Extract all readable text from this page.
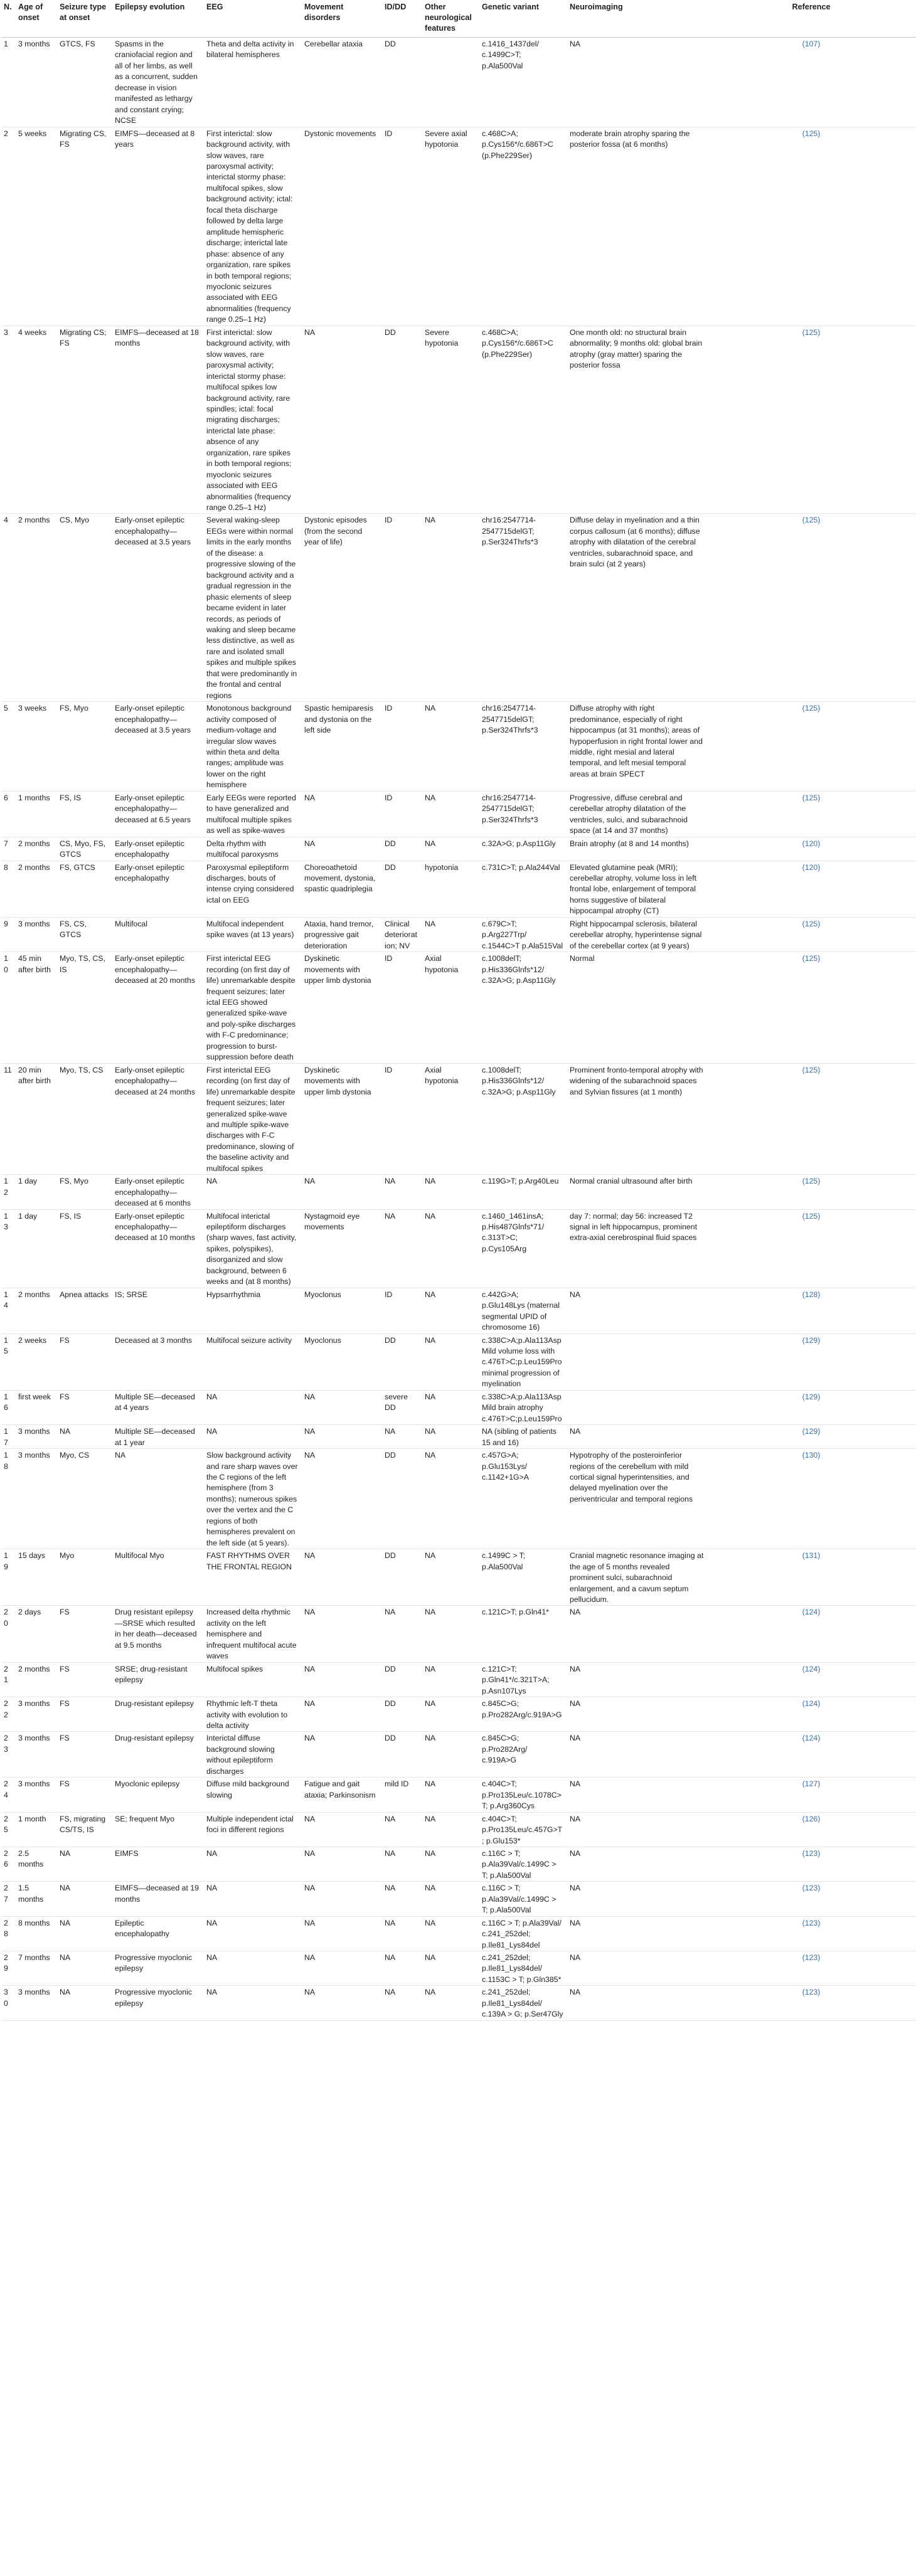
N.	Age of onset	Seizure type at onset	Epilepsy evolution	EEG	Movement disorders	ID/DD	Other neurological features	Genetic variant	Neuroimaging	Reference
1	3 months	GTCS, FS	Spasms in the craniofacial region and all of her limbs, as well as a concurrent, sudden decrease in vision manifested as lethargy and constant crying; NCSE	Theta and delta activity in bilateral hemispheres	Cerebellar ataxia	DD		c.1416_1437del/ c.1499C>T; p.Ala500Val	NA	(107)
2	5 weeks	Migrating CS, FS	EIMFS—deceased at 8 years	First interictal: slow background activity, with slow waves, rare paroxysmal activity; interictal stormy phase: multifocal spikes, slow background activity; ictal: focal theta discharge followed by delta large amplitude hemispheric discharge; interictal late phase: absence of any organization, rare spikes in both temporal regions; myoclonic seizures associated with EEG abnormalities (frequency range 0.25–1 Hz)	Dystonic movements	ID	Severe axial hypotonia	c.468C>A; p.Cys156*/c.686T>C (p.Phe229Ser)	moderate brain atrophy sparing the posterior fossa (at 6 months)	(125)
3	4 weeks	Migrating CS; FS	EIMFS—deceased at 18 months	First interictal: slow background activity, with slow waves, rare paroxysmal activity; interictal stormy phase: multifocal spikes low background activity, rare spindles; ictal: focal migrating discharges; interictal late phase: absence of any organization, rare spikes in both temporal regions; myoclonic seizures associated with EEG abnormalities (frequency range 0.25–1 Hz)	NA	DD	Severe hypotonia	c.468C>A; p.Cys156*/c.686T>C (p.Phe229Ser)	One month old: no structural brain abnormality; 9 months old: global brain atrophy (gray matter) sparing the posterior fossa	(125)
4	2 months	CS, Myo	Early-onset epileptic encephalopathy—deceased at 3.5 years	Several waking-sleep EEGs were within normal limits in the early months of the disease: a progressive slowing of the background activity and a gradual regression in the phasic elements of sleep became evident in later records, as periods of waking and sleep became less distinctive, as well as rare and isolated small spikes and multiple spikes that were predominantly in the frontal and central regions	Dystonic episodes (from the second year of life)	ID	NA	chr16:2547714-2547715delGT; p.Ser324Thrfs*3	Diffuse delay in myelination and a thin corpus callosum (at 6 months); diffuse atrophy with dilatation of the cerebral ventricles, subarachnoid space, and brain sulci (at 2 years)	(125)
5	3 weeks	FS, Myo	Early-onset epileptic encephalopathy—deceased at 3.5 years	Monotonous background activity composed of medium-voltage and irregular slow waves within theta and delta ranges; amplitude was lower on the right hemisphere	Spastic hemiparesis and dystonia on the left side	ID	NA	chr16:2547714-2547715delGT; p.Ser324Thrfs*3	Diffuse atrophy with right predominance, especially of right hippocampus (at 31 months); areas of hypoperfusion in right frontal lower and middle, right mesial and lateral temporal, and left mesial temporal areas at brain SPECT	(125)
6	1 months	FS, IS	Early-onset epileptic encephalopathy—deceased at 6.5 years	Early EEGs were reported to have generalized and multifocal multiple spikes as well as spike-waves	NA	ID	NA	chr16:2547714-2547715delGT; p.Ser324Thrfs*3	Progressive, diffuse cerebral and cerebellar atrophy dilatation of the ventricles, sulci, and subarachnoid space (at 14 and 37 months)	(125)
7	2 months	CS, Myo, FS, GTCS	Early-onset epileptic encephalopathy	Delta rhythm with multifocal paroxysms	NA	DD	NA	c.32A>G; p.Asp11Gly	Brain atrophy (at 8 and 14 months)	(120)
8	2 months	FS, GTCS	Early-onset epileptic encephalopathy	Paroxysmal epileptiform discharges, bouts of intense crying considered ictal on EEG	Choreoathetoid movement, dystonia, spastic quadriplegia	DD	hypotonia	c.731C>T; p.Ala244Val	Elevated glutamine peak (MRI); cerebellar atrophy, volume loss in left frontal lobe, enlargement of temporal horns suggestive of bilateral hippocampal atrophy (CT)	(120)
9	3 months	FS, CS, GTCS	Multifocal	Multifocal independent spike waves (at 13 years)	Ataxia, hand tremor, progressive gait deterioration	Clinical deterioration; NV	NA	c.679C>T; p.Arg227Trp/ c.1544C>T p.Ala515Val	Right hippocampal sclerosis, bilateral cerebellar atrophy, hyperintense signal of the cerebellar cortex (at 9 years)	(125)
10	45 min after birth	Myo, TS, CS, IS	Early-onset epileptic encephalopathy—deceased at 20 months	First interictal EEG recording (on first day of life) unremarkable despite frequent seizures; later ictal EEG showed generalized spike-wave and poly-spike discharges with F-C predominance; progression to burst-suppression before death	Dyskinetic movements with upper limb dystonia	ID	Axial hypotonia	c.1008delT; p.His336Glnfs*12/ c.32A>G; p.Asp11Gly	Normal	(125)
11	20 min after birth	Myo, TS, CS	Early-onset epileptic encephalopathy—deceased at 24 months	First interictal EEG recording (on first day of life) unremarkable despite frequent seizures; later generalized spike-wave and multiple spike-wave discharges with F-C predominance, slowing of the baseline activity and multifocal spikes	Dyskinetic movements with upper limb dystonia	ID	Axial hypotonia	c.1008delT; p.His336Glnfs*12/ c.32A>G; p.Asp11Gly	Prominent fronto-temporal atrophy with widening of the subarachnoid spaces and Sylvian fissures (at 1 month)	(125)
12	1 day	FS, Myo	Early-onset epileptic encephalopathy—deceased at 6 months	NA	NA	NA	NA	c.119G>T; p.Arg40Leu	Normal cranial ultrasound after birth	(125)
13	1 day	FS, IS	Early-onset epileptic encephalopathy—deceased at 10 months	Multifocal interictal epileptiform discharges (sharp waves, fast activity, spikes, polyspikes), disorganized and slow background, between 6 weeks and (at 8 months)	Nystagmoid eye movements	NA	NA	c.1460_1461insA; p.His487Glnfs*71/ c.313T>C; p.Cys105Arg	day 7: normal; day 56: increased T2 signal in left hippocampus, prominent extra-axial cerebrospinal fluid spaces	(125)
14	2 months	Apnea attacks	IS; SRSE	Hypsarrhythmia	Myoclonus	ID	NA	c.442G>A; p.Glu148Lys (maternal segmental UPID of chromosome 16)	NA	(128)
15	2 weeks	FS	Deceased at 3 months	Multifocal seizure activity	Myoclonus	DD	NA	c.338C>A;p.Ala113Asp Mild volume loss with c.476T>C;p.Leu159Pro minimal progression of myelination		(129)
16	first week	FS	Multiple SE—deceased at 4 years	NA	NA	severe DD	NA	c.338C>A;p.Ala113Asp Mild brain atrophy c.476T>C;p.Leu159Pro		(129)
17	3 months	NA	Multiple SE—deceased at 1 year	NA	NA	NA	NA	NA (sibling of patients 15 and 16)	NA	(129)
18	3 months	Myo, CS	NA	Slow background activity and rare sharp waves over the C regions of the left hemisphere (from 3 months); numerous spikes over the vertex and the C regions of both hemispheres prevalent on the left side (at 5 years).	NA	DD	NA	c.457G>A; p.Glu153Lys/ c.1142+1G>A	Hypotrophy of the posteroinferior regions of the cerebellum with mild cortical signal hyperintensities, and delayed myelination over the periventricular and temporal regions	(130)
19	15 days	Myo	Multifocal Myo	FAST RHYTHMS OVER THE FRONTAL REGION	NA	DD	NA	c.1499C > T; p.Ala500Val	Cranial magnetic resonance imaging at the age of 5 months revealed prominent sulci, subarachnoid enlargement, and a cavum septum pellucidum.	(131)
20	2 days	FS	Drug resistant epilepsy—SRSE which resulted in her death—deceased at 9.5 months	Increased delta rhythmic activity on the left hemisphere and infrequent multifocal acute waves	NA	NA	NA	c.121C>T; p.Gln41*	NA	(124)
21	2 months	FS	SRSE; drug-resistant epilepsy	Multifocal spikes	NA	DD	NA	c.121C>T; p.Gln41*/c.321T>A; p.Asn107Lys	NA	(124)
22	3 months	FS	Drug-resistant epilepsy	Rhythmic left-T theta activity with evolution to delta activity	NA	DD	NA	c.845C>G; p.Pro282Arg/c.919A>G	NA	(124)
23	3 months	FS	Drug-resistant epilepsy	Interictal diffuse background slowing without epileptiform discharges	NA	DD	NA	c.845C>G; p.Pro282Arg/ c.919A>G	NA	(124)
24	3 months	FS	Myoclonic epilepsy	Diffuse mild background slowing	Fatigue and gait ataxia; Parkinsonism	mild ID	NA	c.404C>T; p.Pro135Leu/c.1078C>T; p.Arg360Cys	NA	(127)
25	1 month	FS, migrating CS/TS, IS	SE; frequent Myo	Multiple independent ictal foci in different regions	NA	NA	NA	c.404C>T; p.Pro135Leu/c.457G>T; p.Glu153*	NA	(126)
26	2.5 months	NA	EIMFS	NA	NA	NA	NA	c.116C > T; p.Ala39Val/c.1499C > T; p.Ala500Val	NA	(123)
27	1.5 months	NA	EIMFS—deceased at 19 months	NA	NA	NA	NA	c.116C > T; p.Ala39Val/c.1499C > T; p.Ala500Val	NA	(123)
28	8 months	NA	Epileptic encephalopathy	NA	NA	NA	NA	c.116C > T; p.Ala39Val/ c.241_252del; p.Ile81_Lys84del	NA	(123)
29	7 months	NA	Progressive myoclonic epilepsy	NA	NA	NA	NA	c.241_252del; p.Ile81_Lys84del/ c.1153C > T; p.Gln385*	NA	(123)
30	3 months	NA	Progressive myoclonic epilepsy	NA	NA	NA	NA	c.241_252del; p.Ile81_Lys84del/ c.139A > G; p.Ser47Gly	NA	(123)
